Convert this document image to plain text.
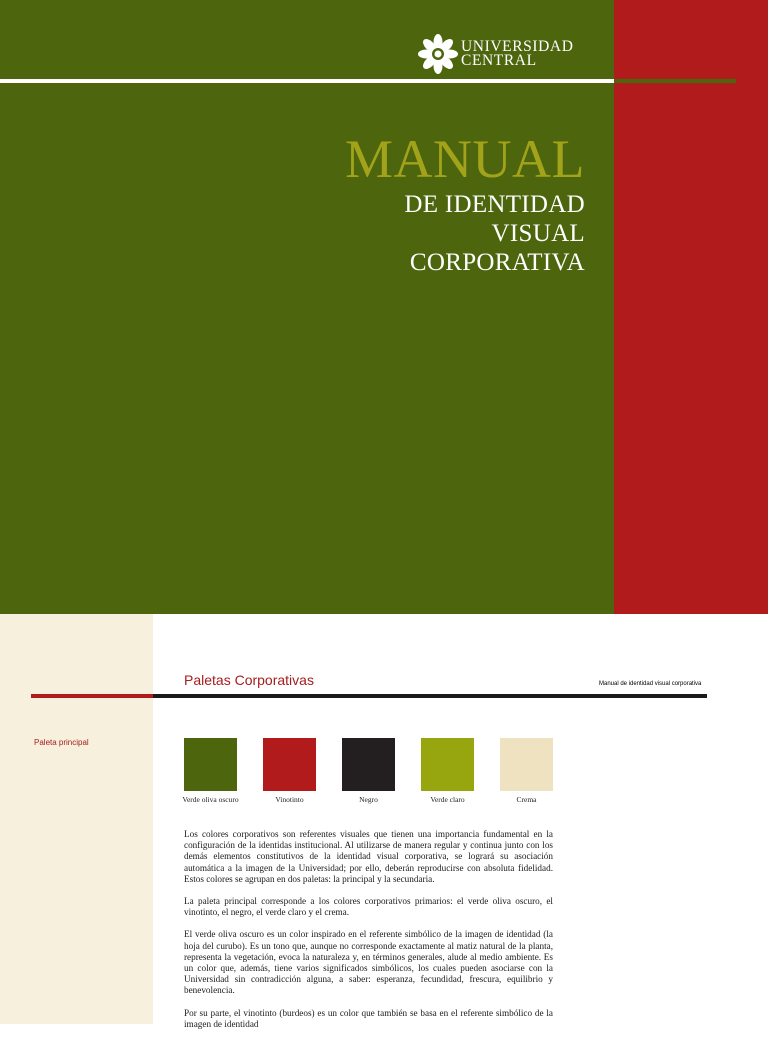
UNIVERSIDAD
CENTRAL
MANUAL
DE IDENTIDAD
VISUAL
CORPORATIVA
Paletas Corporativas	Manual de identidad visual corporativa
Paleta principal
Verde oliva oscuro	Vinotinto	Negro	Verde claro	Crema

Los colores corporativos son referentes visuales que tienen una importancia fundamental en la configuración de la identidas institucional. Al utilizarse de manera regular y continua junto con los demás elementos constitutivos de la identidad visual corporativa, se logrará su asociación automática a la imagen de la Universidad; por ello, deberán reproducirse con absoluta fidelidad. Estos colores se agrupan en dos paletas: la principal y la secundaria.

La paleta principal corresponde a los colores corporativos primarios: el verde oliva oscuro, el vinotinto, el negro, el verde claro y el crema.

El verde oliva oscuro es un color inspirado en el referente simbólico de la imagen de identidad (la hoja del curubo). Es un tono que, aunque no corresponde exactamente al matiz natural de la planta, representa la vegetación, evoca la naturaleza y, en términos generales, alude al medio ambiente. Es un color que, además, tiene varios significados simbólicos, los cuales pueden asociarse con la Universidad sin contradicción alguna, a saber: esperanza, fecundidad, frescura, equilibrio y benevolencia.

Por su parte, el vinotinto (burdeos) es un color que también se basa en el referente simbólico de la imagen de identidad
